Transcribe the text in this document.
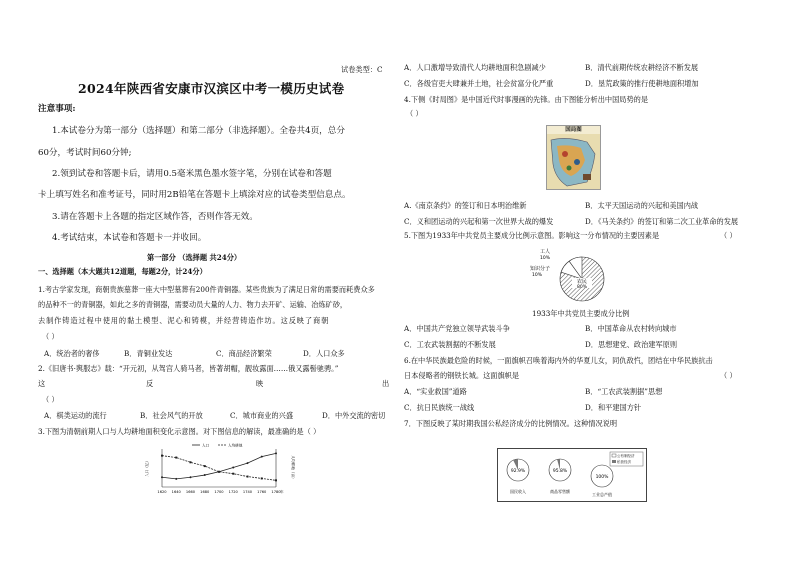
试卷类型：C
2024年陕西省安康市汉滨区中考一模历史试卷
注意事项:
1.本试卷分为第一部分（选择题）和第二部分（非选择题）。全卷共4页，总分
60分，考试时间60分钟;
2.领到试卷和答题卡后，请用0.5毫米黑色墨水签字笔，分别在试卷和答题
卡上填写姓名和准考证号，同时用2B铅笔在答题卡上填涂对应的试卷类型信息点。
3.请在答题卡上各题的指定区域作答，否则作答无效。
4.考试结束，本试卷和答题卡一并收回。
第一部分 （选择题 共24分）
一、选择题（本大题共12道题，每题2分，计24分）
1.考古学家发现，商朝贵族墓葬一座大中型墓葬有200件青铜器。某些贵族为了满足日常的需要而耗费众多
的品种不一的青铜器，如此之多的青铜器，需要动员大量的人力、物力去开矿、运输、冶炼矿砂，
去制作铸造过程中使用的黏土模型、泥心和铸模，并经营铸造作坊。这反映了商朝
（ ）
A．统治者的奢侈	B．青铜业发达	C．商品经济繁荣	D．人口众多
2.《旧唐书·舆服志》载：“开元初，从驾宫人骑马者，皆著胡帽，靓妆露面……俄又露髻驰骋。”
这	反	映	出
（ ）
A．棋类运动的流行	B．社会风气的开放	C．城市商业的兴盛	D．中外交流的密切
3.下图为清朝前期人口与人均耕地面积变化示意图。对下图信息的解读，最准确的是（ ）
1620 1640 1660 1680 1700 1720 1740 1760 1780 年
人口（亿）	人均耕地（亩）
人口	人均耕地
A．人口激增导致清代人均耕地面积急剧减少	B．清代前期传统农耕经济不断发展
C．各级官吏大肆兼并土地，社会贫富分化严重	D．垦荒政策的推行使耕地面积增加
4.下侧《时局图》是中国近代时事漫画的先锋。由下图能分析出中国局势的是
（ ）
国局图
A.《南京条约》的签订和日本明治维新	B．太平天国运动的兴起和美国内战
C．义和团运动的兴起和第一次世界大战的爆发	D．《马关条约》的签订和第二次工业革命的发展
5.下图为1933年中共党员主要成分比例示意图。影响这一分布情况的主要因素是	（ ）
农民
80%
工人
10%
知识分子
10%
1933年中共党员主要成分比例
A．中国共产党独立领导武装斗争	B．中国革命从农村转向城市
C．工农武装割据的不断发展	D．思想建党、政治建军原则
6.在中华民族最危险的时候，一面旗帜召唤着海内外的华夏儿女，同仇敌忾，团结在中华民族抗击
日本侵略者的钢铁长城。这面旗帜是	（ ）
A．“实业救国”道路	B．“工农武装割据”思想
C．抗日民族统一战线	D．和平建国方针
7．下图反映了某时期我国公私经济成分的比例情况。这种情况说明
公有制经济
私营经济
92.9%
国民收入
95.8%
商品零售额
100%
工业总产值
